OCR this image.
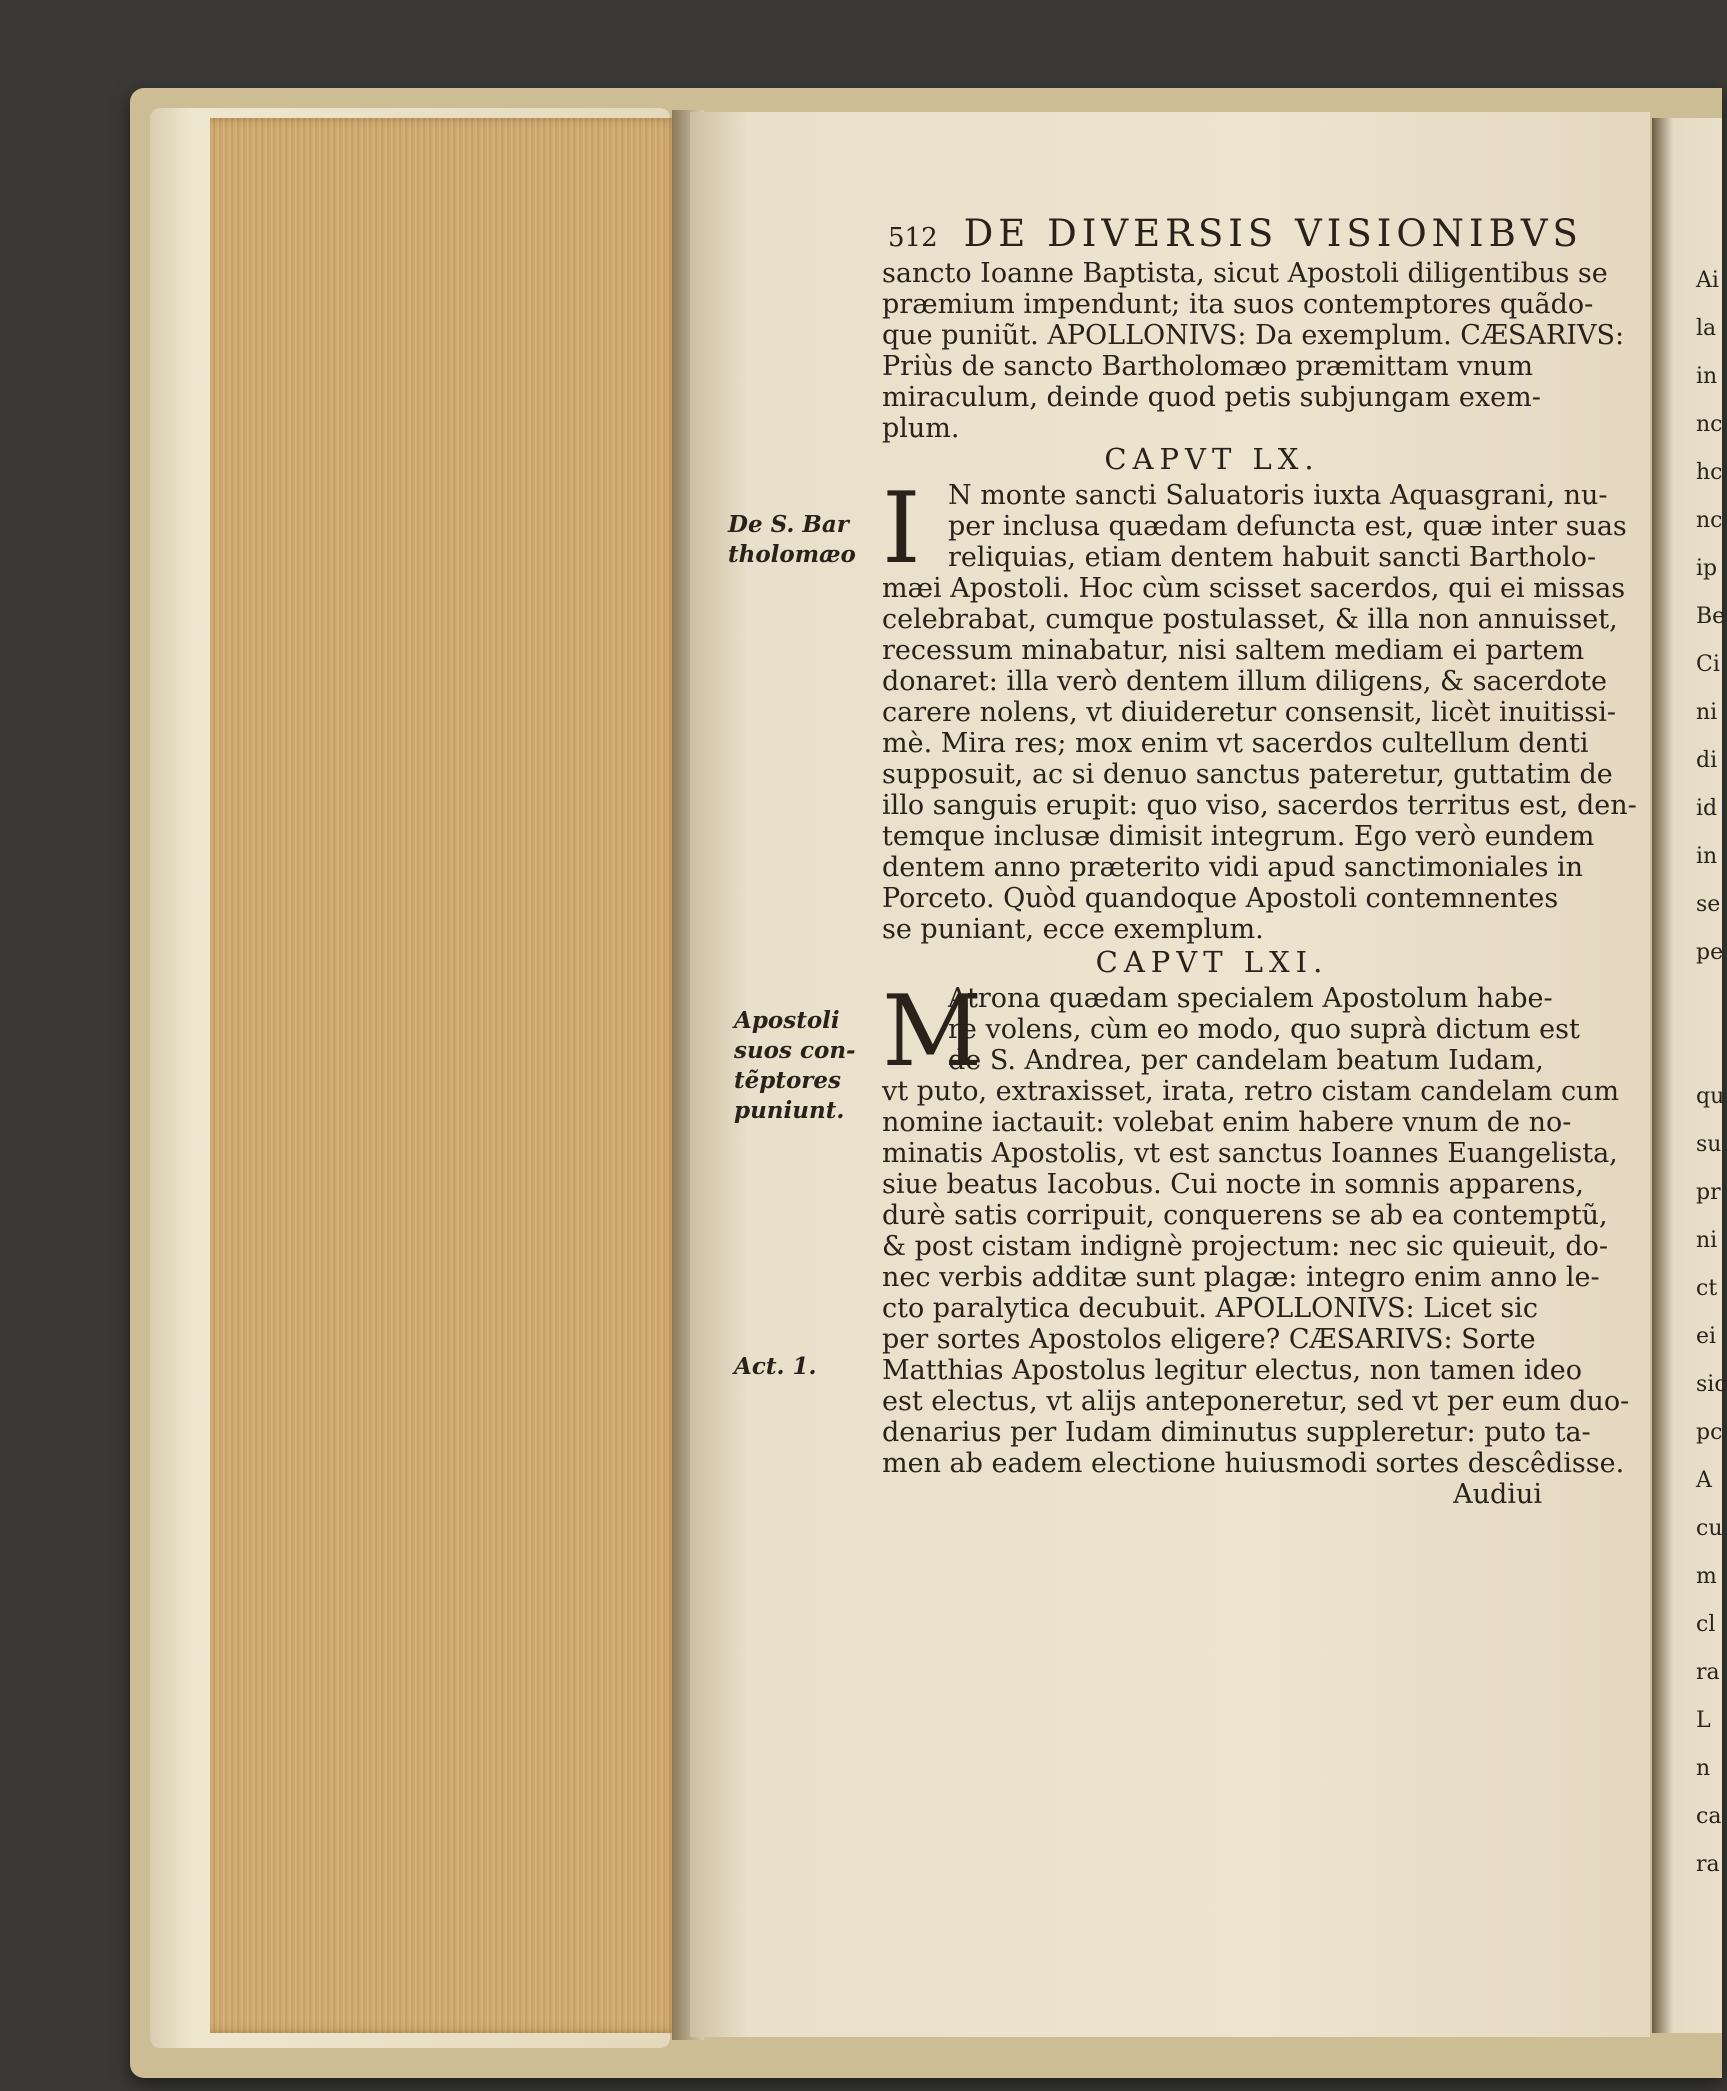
512 DE DIVERSIS VISIONIBVS
sancto Ioanne Baptista, sicut Apostoli diligentibus se
præmium impendunt; ita suos contemptores quãdo-
que puniũt. APOLLONIVS: Da exemplum. CÆSARIVS:
Priùs de sancto Bartholomæo præmittam vnum
miraculum, deinde quod petis subjungam exem-
plum.
CAPVT LX.
I	N monte sancti Saluatoris iuxta Aquasgrani, nu-
per inclusa quædam defuncta est, quæ inter suas
reliquias, etiam dentem habuit sancti Bartholo-
mæi Apostoli. Hoc cùm scisset sacerdos, qui ei missas
celebrabat, cumque postulasset, & illa non annuisset,
recessum minabatur, nisi saltem mediam ei partem
donaret: illa verò dentem illum diligens, & sacerdote
carere nolens, vt diuideretur consensit, licèt inuitissi-
mè. Mira res; mox enim vt sacerdos cultellum denti
supposuit, ac si denuo sanctus pateretur, guttatim de
illo sanguis erupit: quo viso, sacerdos territus est, den-
temque inclusæ dimisit integrum. Ego verò eundem
dentem anno præterito vidi apud sanctimoniales in
Porceto. Quòd quandoque Apostoli contemnentes
se puniant, ecce exemplum.
CAPVT LXI.
M
Atrona quædam specialem Apostolum habe-
re volens, cùm eo modo, quo suprà dictum est
de S. Andrea, per candelam beatum Iudam,
vt puto, extraxisset, irata, retro cistam candelam cum
nomine iactauit: volebat enim habere vnum de no-
minatis Apostolis, vt est sanctus Ioannes Euangelista,
siue beatus Iacobus. Cui nocte in somnis apparens,
durè satis corripuit, conquerens se ab ea contemptũ,
& post cistam indignè projectum: nec sic quieuit, do-
nec verbis additæ sunt plagæ: integro enim anno le-
cto paralytica decubuit. APOLLONIVS: Licet sic
per sortes Apostolos eligere? CÆSARIVS: Sorte
Matthias Apostolus legitur electus, non tamen ideo
est electus, vt alijs anteponeretur, sed vt per eum duo-
denarius per Iudam diminutus suppleretur: puto ta-
men ab eadem electione huiusmodi sortes descêdisse.
Audiui
De S. Bar
tholomæo
Apostoli
suos con-
tẽptores
puniunt.
Act. 1.
Ai
la
in
nc
hc
nc
ip
Be
Ci
ni
di
id
in
se
pe
qu
su
pr
ni
ct
ei
sic
pc
A
cu
m
cl
ra
L
n
ca
ra
